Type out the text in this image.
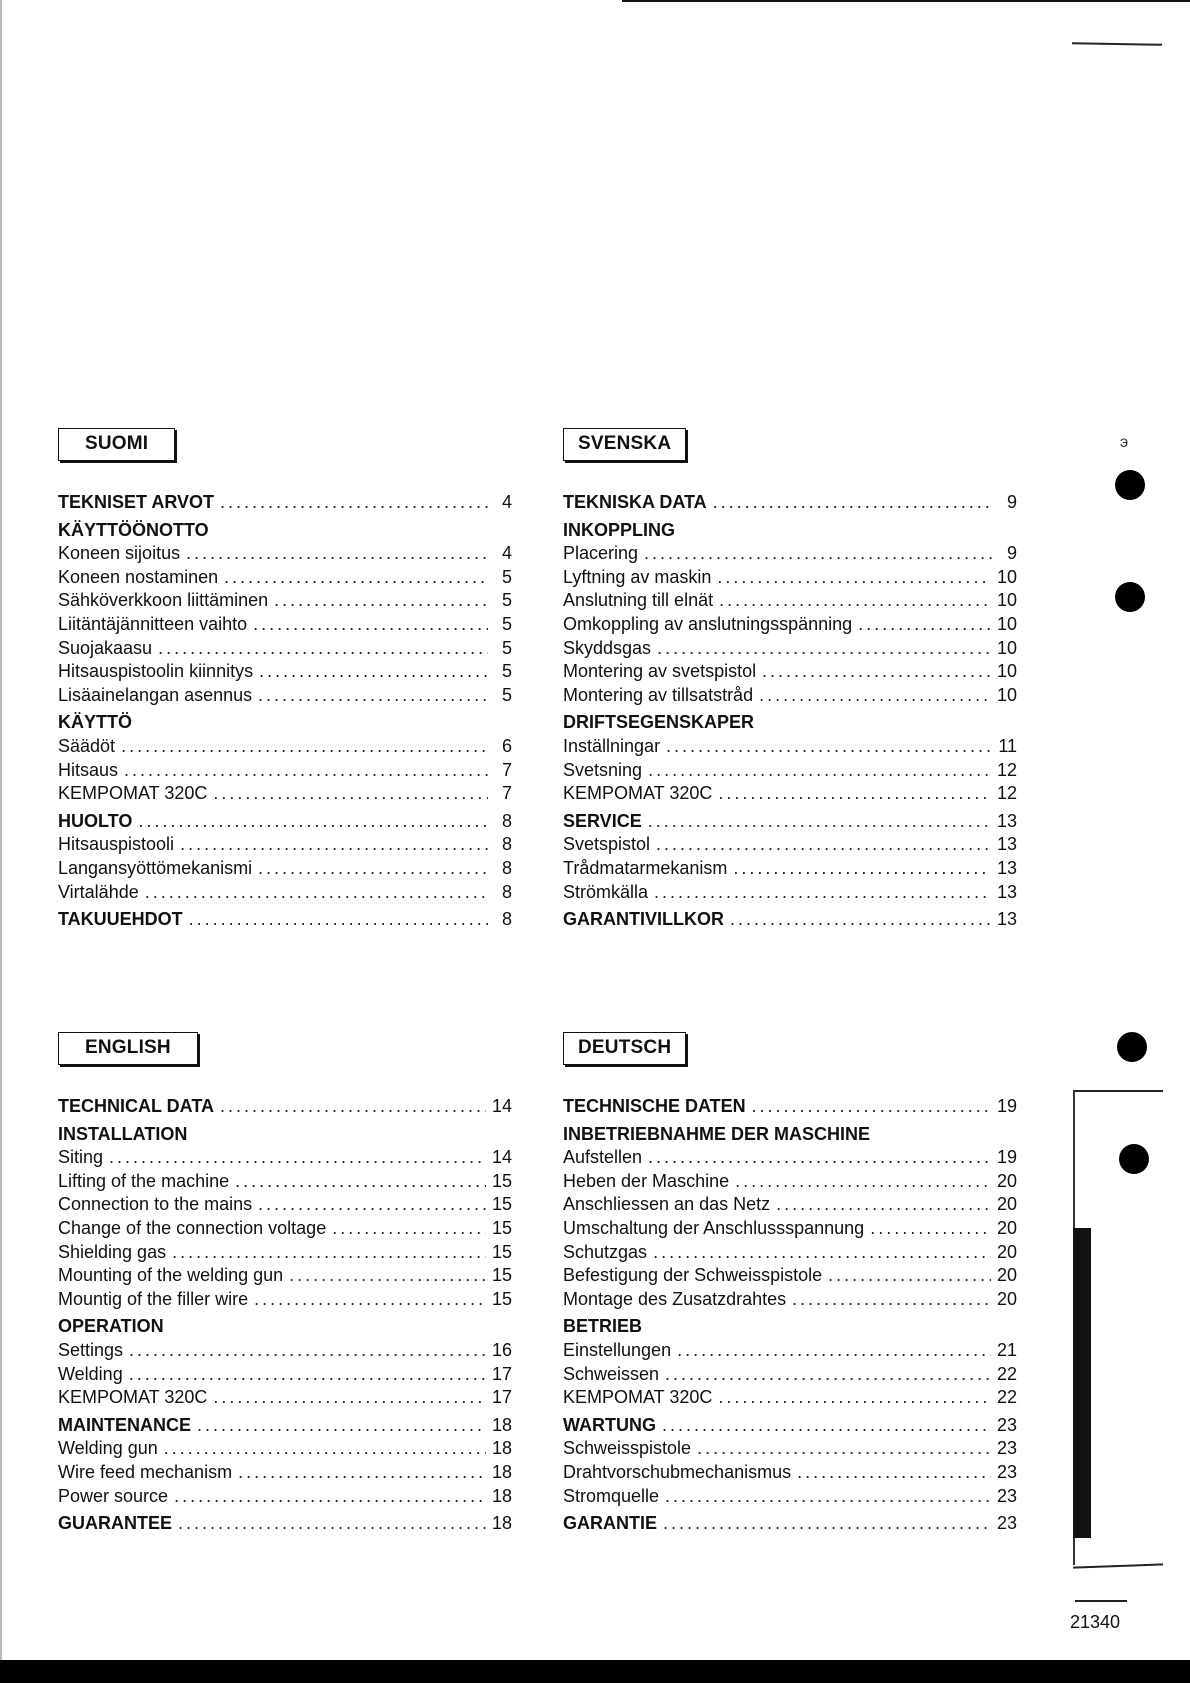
SUOMI
TEKNISET ARVOT .....	4
KÄYTTÖÖNOTTO
Koneen sijoitus .....	4
Koneen nostaminen .....	5
Sähköverkkoon liittäminen .....	5
Liitäntäjännitteen vaihto .....	5
Suojakaasu .....	5
Hitsauspistoolin kiinnitys .....	5
Lisäainelangan asennus .....	5
KÄYTTÖ
Säädöt .....	6
Hitsaus .....	7
KEMPOMAT 320C .....	7
HUOLTO .....	8
Hitsauspistooli .....	8
Langansyöttömekanismi .....	8
Virtalähde .....	8
TAKUUEHDOT .....	8
SVENSKA
TEKNISKA DATA .....	9
INKOPPLING
Placering .....	9
Lyftning av maskin .....	10
Anslutning till elnät .....	10
Omkoppling av anslutningsspänning .....	10
Skyddsgas .....	10
Montering av svetspistol .....	10
Montering av tillsatstråd .....	10
DRIFTSEGENSKAPER
Inställningar .....	11
Svetsning .....	12
KEMPOMAT 320C .....	12
SERVICE .....	13
Svetspistol .....	13
Trådmatarmekanism .....	13
Strömkälla .....	13
GARANTIVILLKOR .....	13
ENGLISH
TECHNICAL DATA .....	14
INSTALLATION
Siting .....	14
Lifting of the machine .....	15
Connection to the mains .....	15
Change of the connection voltage .....	15
Shielding gas .....	15
Mounting of the welding gun .....	15
Mountig of the filler wire .....	15
OPERATION
Settings .....	16
Welding .....	17
KEMPOMAT 320C .....	17
MAINTENANCE .....	18
Welding gun .....	18
Wire feed mechanism .....	18
Power source .....	18
GUARANTEE .....	18
DEUTSCH
TECHNISCHE DATEN .....	19
INBETRIEBNAHME DER MASCHINE
Aufstellen .....	19
Heben der Maschine .....	20
Anschliessen an das Netz .....	20
Umschaltung der Anschlussspannung .....	20
Schutzgas .....	20
Befestigung der Schweisspistole .....	20
Montage des Zusatzdrahtes .....	20
BETRIEB
Einstellungen .....	21
Schweissen .....	22
KEMPOMAT 320C .....	22
WARTUNG .....	23
Schweisspistole .....	23
Drahtvorschubmechanismus .....	23
Stromquelle .....	23
GARANTIE .....	23
э
21340
